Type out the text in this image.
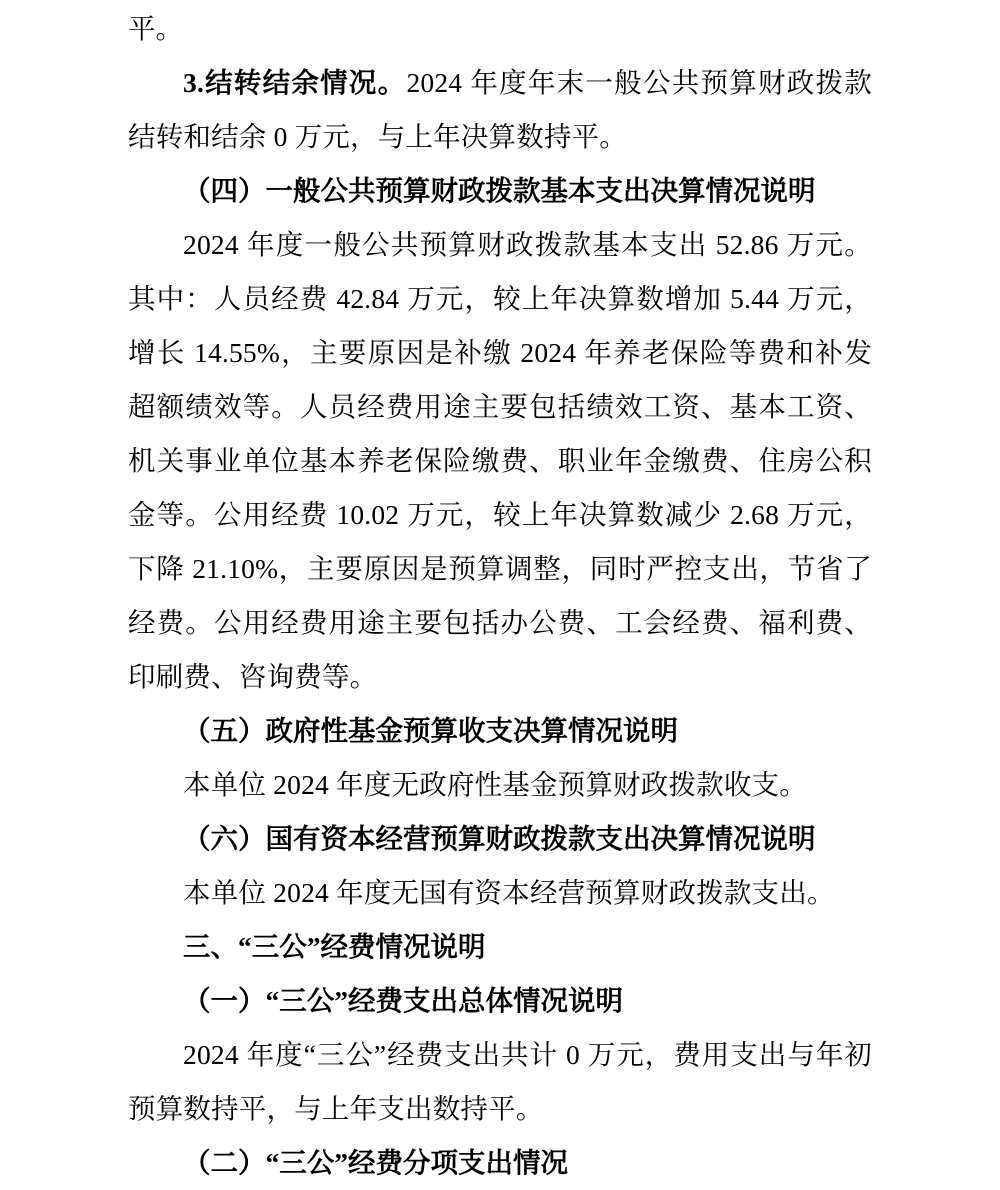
平。

3.结转结余情况。2024 年度年末一般公共预算财政拨款结转和结余 0 万元，与上年决算数持平。

（四）一般公共预算财政拨款基本支出决算情况说明

2024 年度一般公共预算财政拨款基本支出 52.86 万元。其中：人员经费 42.84 万元，较上年决算数增加 5.44 万元，增长 14.55%，主要原因是补缴 2024 年养老保险等费和补发超额绩效等。人员经费用途主要包括绩效工资、基本工资、机关事业单位基本养老保险缴费、职业年金缴费、住房公积金等。公用经费 10.02 万元，较上年决算数减少 2.68 万元，下降 21.10%，主要原因是预算调整，同时严控支出，节省了经费。公用经费用途主要包括办公费、工会经费、福利费、印刷费、咨询费等。

（五）政府性基金预算收支决算情况说明

本单位 2024 年度无政府性基金预算财政拨款收支。

（六）国有资本经营预算财政拨款支出决算情况说明

本单位 2024 年度无国有资本经营预算财政拨款支出。

三、“三公”经费情况说明

（一）“三公”经费支出总体情况说明

2024 年度“三公”经费支出共计 0 万元，费用支出与年初预算数持平，与上年支出数持平。

（二）“三公”经费分项支出情况
